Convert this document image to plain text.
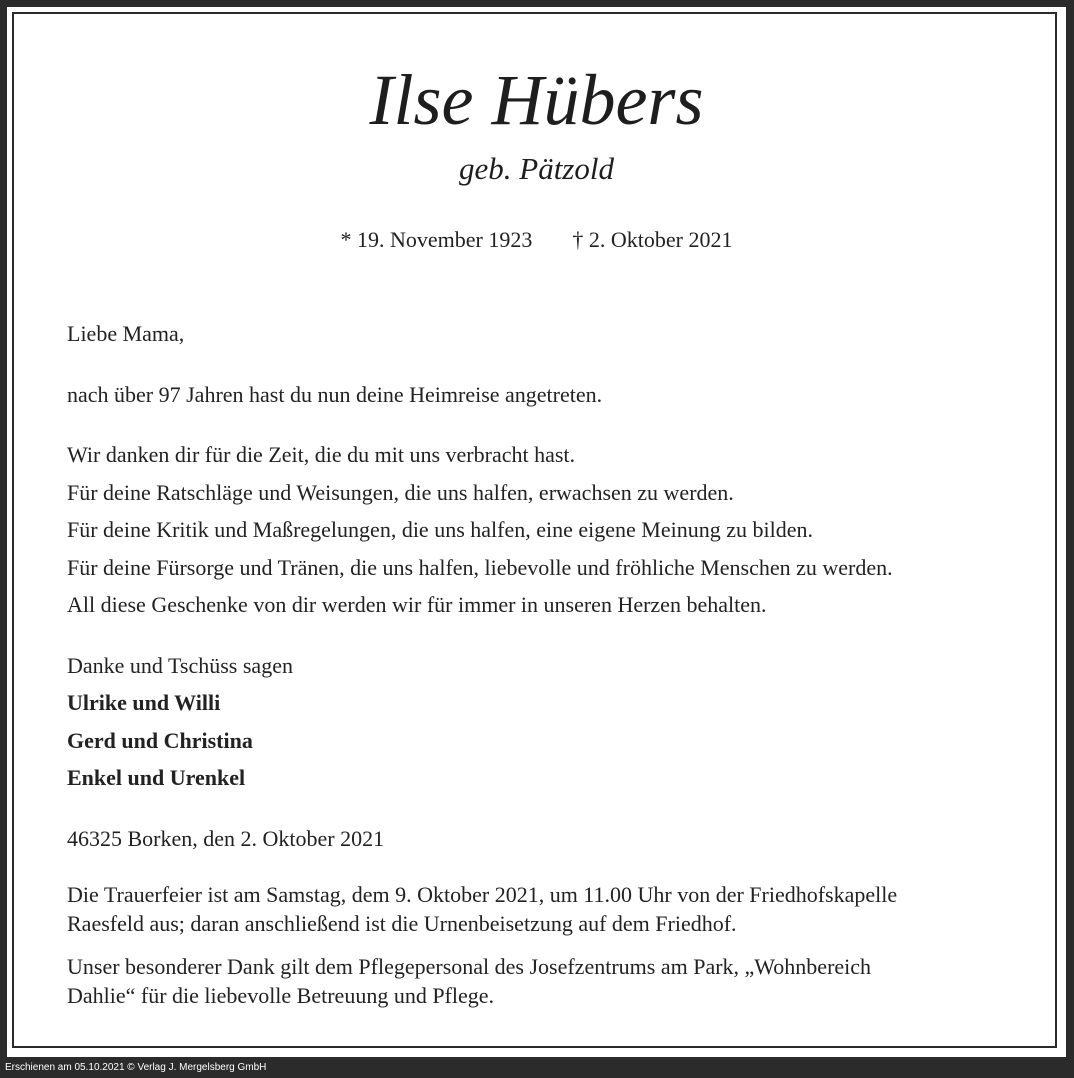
Ilse Hübers
geb. Pätzold
* 19. November 1923 † 2. Oktober 2021

Liebe Mama,

nach über 97 Jahren hast du nun deine Heimreise angetreten.

Wir danken dir für die Zeit, die du mit uns verbracht hast.

Für deine Ratschläge und Weisungen, die uns halfen, erwachsen zu werden.

Für deine Kritik und Maßregelungen, die uns halfen, eine eigene Meinung zu bilden.

Für deine Fürsorge und Tränen, die uns halfen, liebevolle und fröhliche Menschen zu werden.

All diese Geschenke von dir werden wir für immer in unseren Herzen behalten.

Danke und Tschüss sagen

Ulrike und Willi

Gerd und Christina

Enkel und Urenkel

46325 Borken, den 2. Oktober 2021

Die Trauerfeier ist am Samstag, dem 9. Oktober 2021, um 11.00 Uhr von der Friedhofskapelle

Raesfeld aus; daran anschließend ist die Urnenbeisetzung auf dem Friedhof.

Unser besonderer Dank gilt dem Pflegepersonal des Josefzentrums am Park, „Wohnbereich

Dahlie“ für die liebevolle Betreuung und Pflege.

Erschienen am 05.10.2021 © Verlag J. Mergelsberg GmbH
